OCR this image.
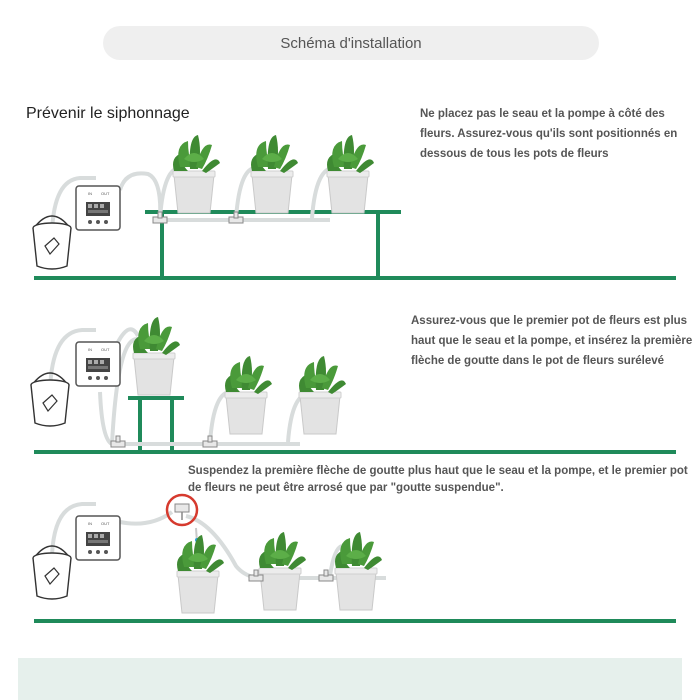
Schéma d'installation
Prévenir le siphonnage	Ne placez pas le seau et la pompe à côté des fleurs. Assurez-vous qu'ils sont positionnés en dessous de tous les pots de fleurs
Assurez-vous que le premier pot de fleurs est plus haut que le seau et la pompe, et insérez la première flèche de goutte dans le pot de fleurs surélevé
Suspendez la première flèche de goutte plus haut que le seau et la pompe, et le premier pot de fleurs ne peut être arrosé que par "goutte suspendue".
